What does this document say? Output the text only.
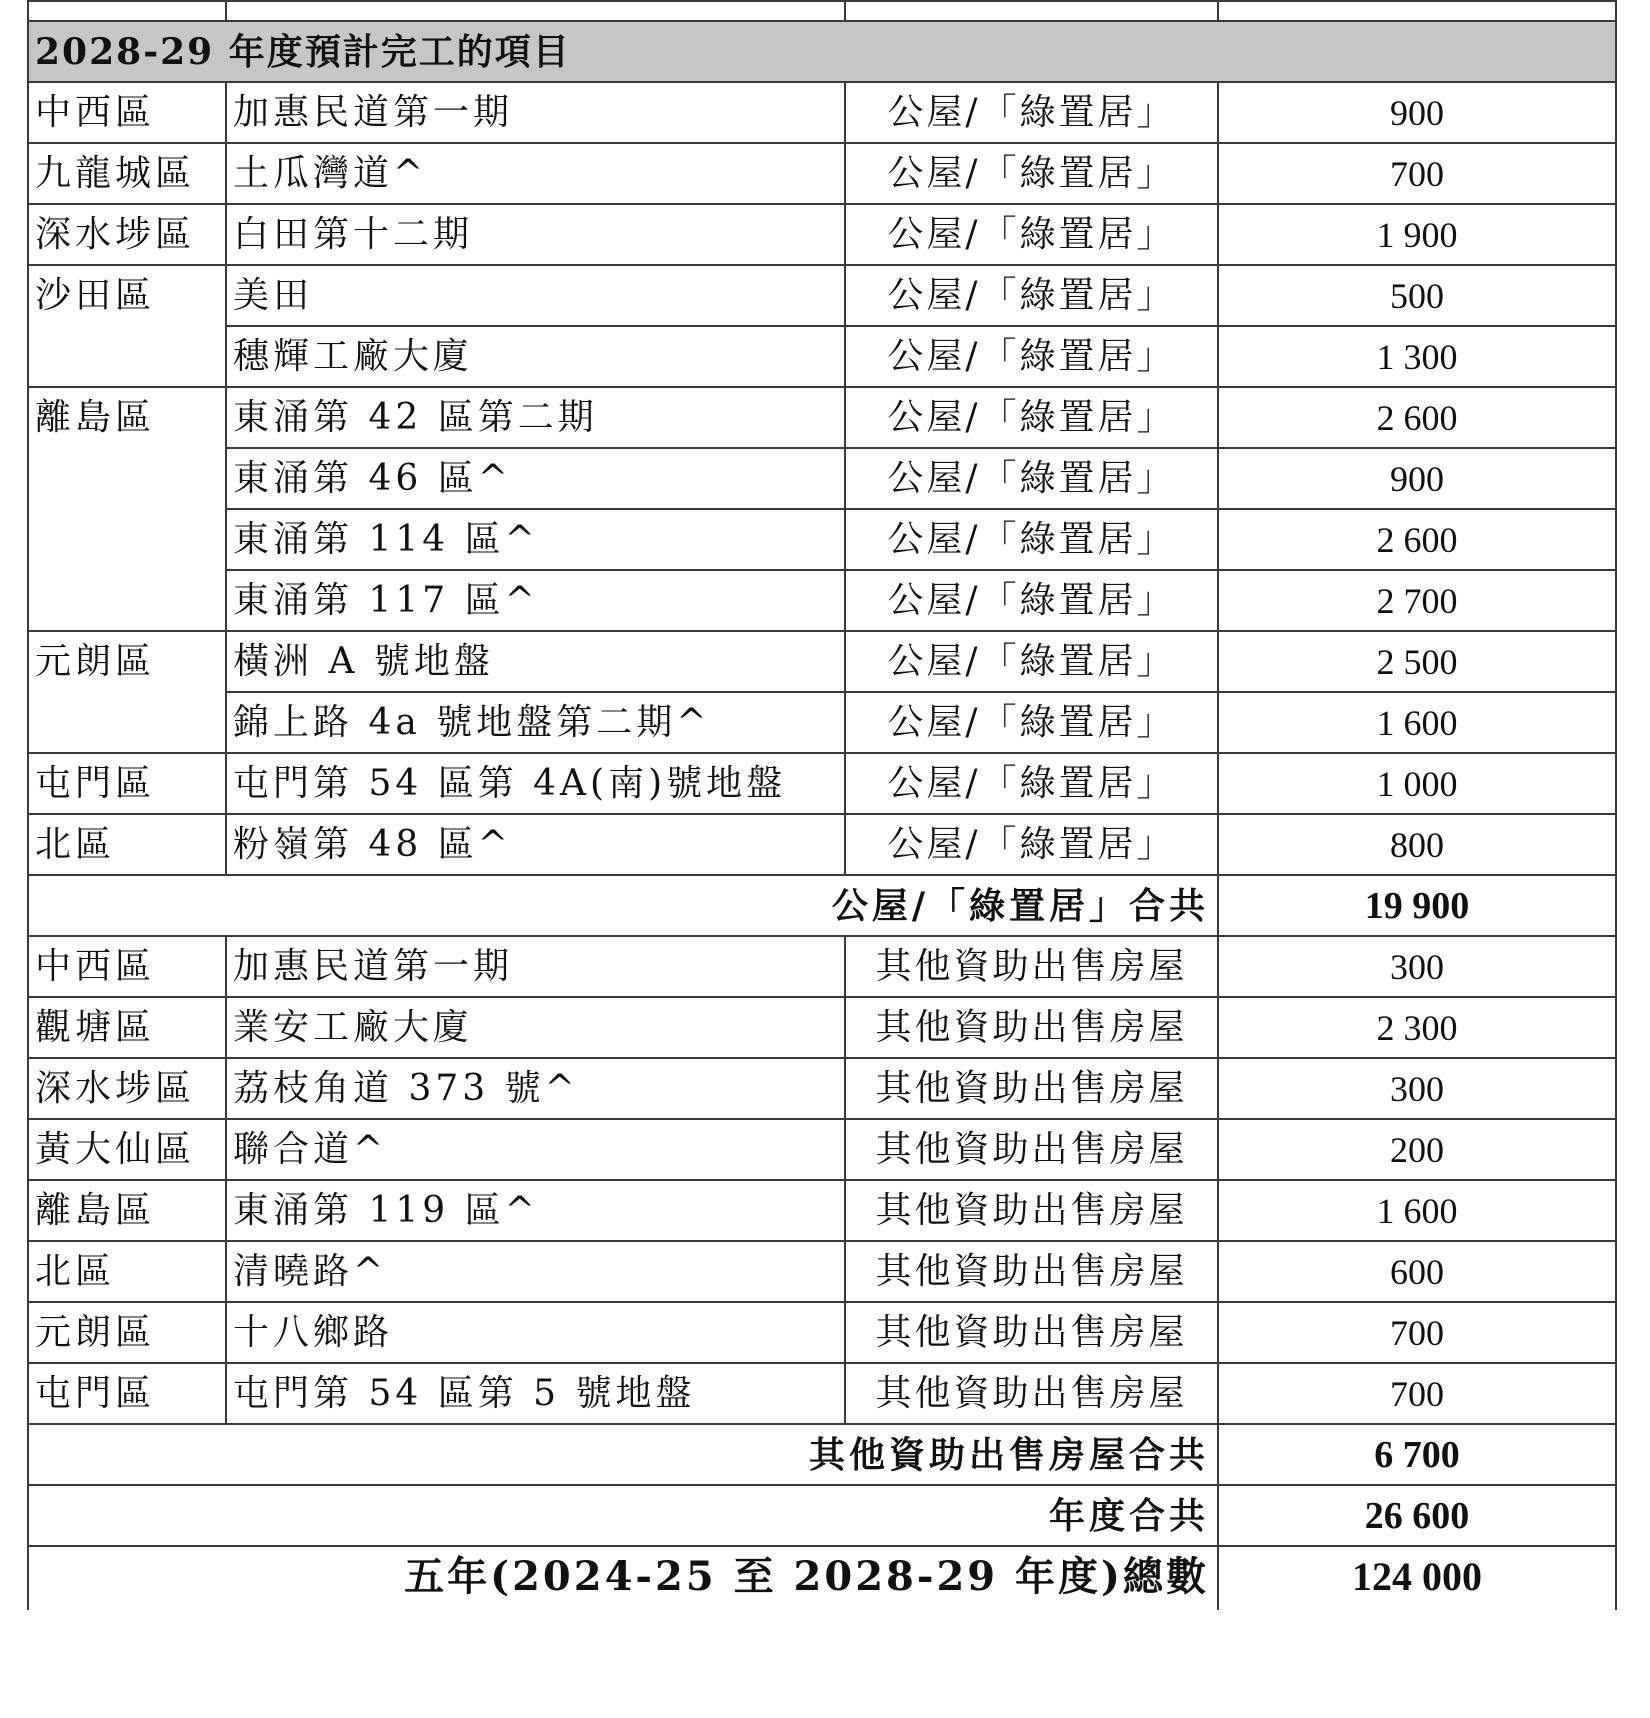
2028-29 年度預計完工的項目			
中西區	加惠民道第一期	公屋/「綠置居」	900
九龍城區	土瓜灣道^	公屋/「綠置居」	700
深水埗區	白田第十二期	公屋/「綠置居」	1 900
沙田區	美田	公屋/「綠置居」	500
	穗輝工廠大廈	公屋/「綠置居」	1 300
離島區	東涌第 42 區第二期	公屋/「綠置居」	2 600
	東涌第 46 區^	公屋/「綠置居」	900
	東涌第 114 區^	公屋/「綠置居」	2 600
	東涌第 117 區^	公屋/「綠置居」	2 700
元朗區	橫洲 A 號地盤	公屋/「綠置居」	2 500
	錦上路 4a 號地盤第二期^	公屋/「綠置居」	1 600
屯門區	屯門第 54 區第 4A(南)號地盤	公屋/「綠置居」	1 000
北區	粉嶺第 48 區^	公屋/「綠置居」	800
公屋/「綠置居」合共			19 900
中西區	加惠民道第一期	其他資助出售房屋	300
觀塘區	業安工廠大廈	其他資助出售房屋	2 300
深水埗區	荔枝角道 373 號^	其他資助出售房屋	300
黃大仙區	聯合道^	其他資助出售房屋	200
離島區	東涌第 119 區^	其他資助出售房屋	1 600
北區	清曉路^	其他資助出售房屋	600
元朗區	十八鄉路	其他資助出售房屋	700
屯門區	屯門第 54 區第 5 號地盤	其他資助出售房屋	700
其他資助出售房屋合共			6 700
年度合共			26 600
五年(2024-25 至 2028-29 年度)總數			124 000
